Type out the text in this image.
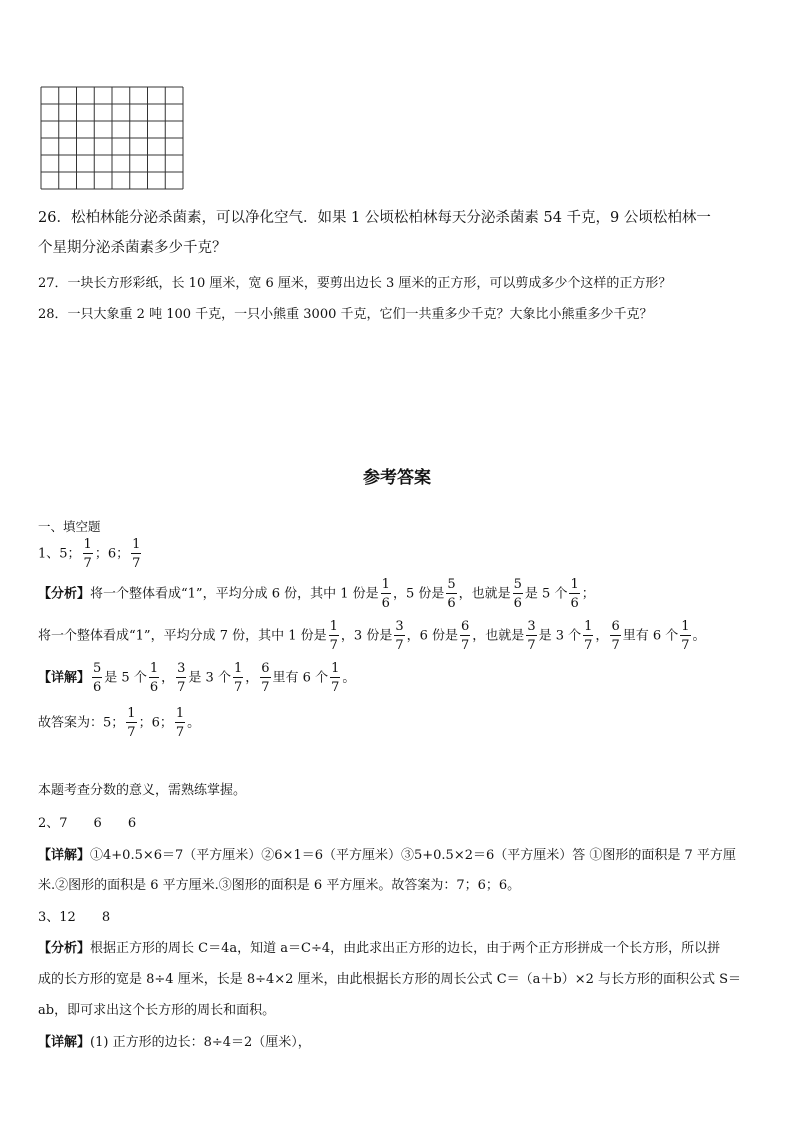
26．松柏林能分泌杀菌素，可以净化空气．如果 1 公顷松柏林每天分泌杀菌素 54 千克，9 公顷松柏林一
个星期分泌杀菌素多少千克？
27．一块长方形彩纸，长 10 厘米，宽 6 厘米，要剪出边长 3 厘米的正方形，可以剪成多少个这样的正方形？
28．一只大象重 2 吨 100 千克，一只小熊重 3000 千克，它们一共重多少千克？大象比小熊重多少千克？
参考答案
一、填空题
1、5； $\frac{1}{7}$ ；6； $\frac{1}{7}$
【分析】将一个整体看成“1”，平均分成 6 份，其中 1 份是 $\frac{1}{6}$ ，5 份是 $\frac{5}{6}$ ，也就是 $\frac{5}{6}$ 是 5 个 $\frac{1}{6}$ ；
将一个整体看成“1”，平均分成 7 份，其中 1 份是 $\frac{1}{7}$ ，3 份是 $\frac{3}{7}$ ，6 份是 $\frac{6}{7}$ ，也就是 $\frac{3}{7}$ 是 3 个 $\frac{1}{7}$ ， $\frac{6}{7}$ 里有 6 个 $\frac{1}{7}$ 。
【详解】 $\frac{5}{6}$ 是 5 个 $\frac{1}{6}$ ， $\frac{3}{7}$ 是 3 个 $\frac{1}{7}$ ， $\frac{6}{7}$ 里有 6 个 $\frac{1}{7}$ 。
故答案为：5； $\frac{1}{7}$ ；6； $\frac{1}{7}$ 。
本题考查分数的意义，需熟练掌握。
2、7　　6　　6
【详解】①4+0.5×6＝7（平方厘米）②6×1＝6（平方厘米）③5+0.5×2＝6（平方厘米）答 ①图形的面积是 7 平方厘
米.②图形的面积是 6 平方厘米.③图形的面积是 6 平方厘米。故答案为：7；6；6。
3、12　　8
【分析】根据正方形的周长 C＝4a，知道 a＝C÷4，由此求出正方形的边长，由于两个正方形拼成一个长方形，所以拼
成的长方形的宽是 8÷4 厘米，长是 8÷4×2 厘米，由此根据长方形的周长公式 C＝（a＋b）×2 与长方形的面积公式 S＝
ab，即可求出这个长方形的周长和面积。
【详解】(1) 正方形的边长：8÷4＝2（厘米），
